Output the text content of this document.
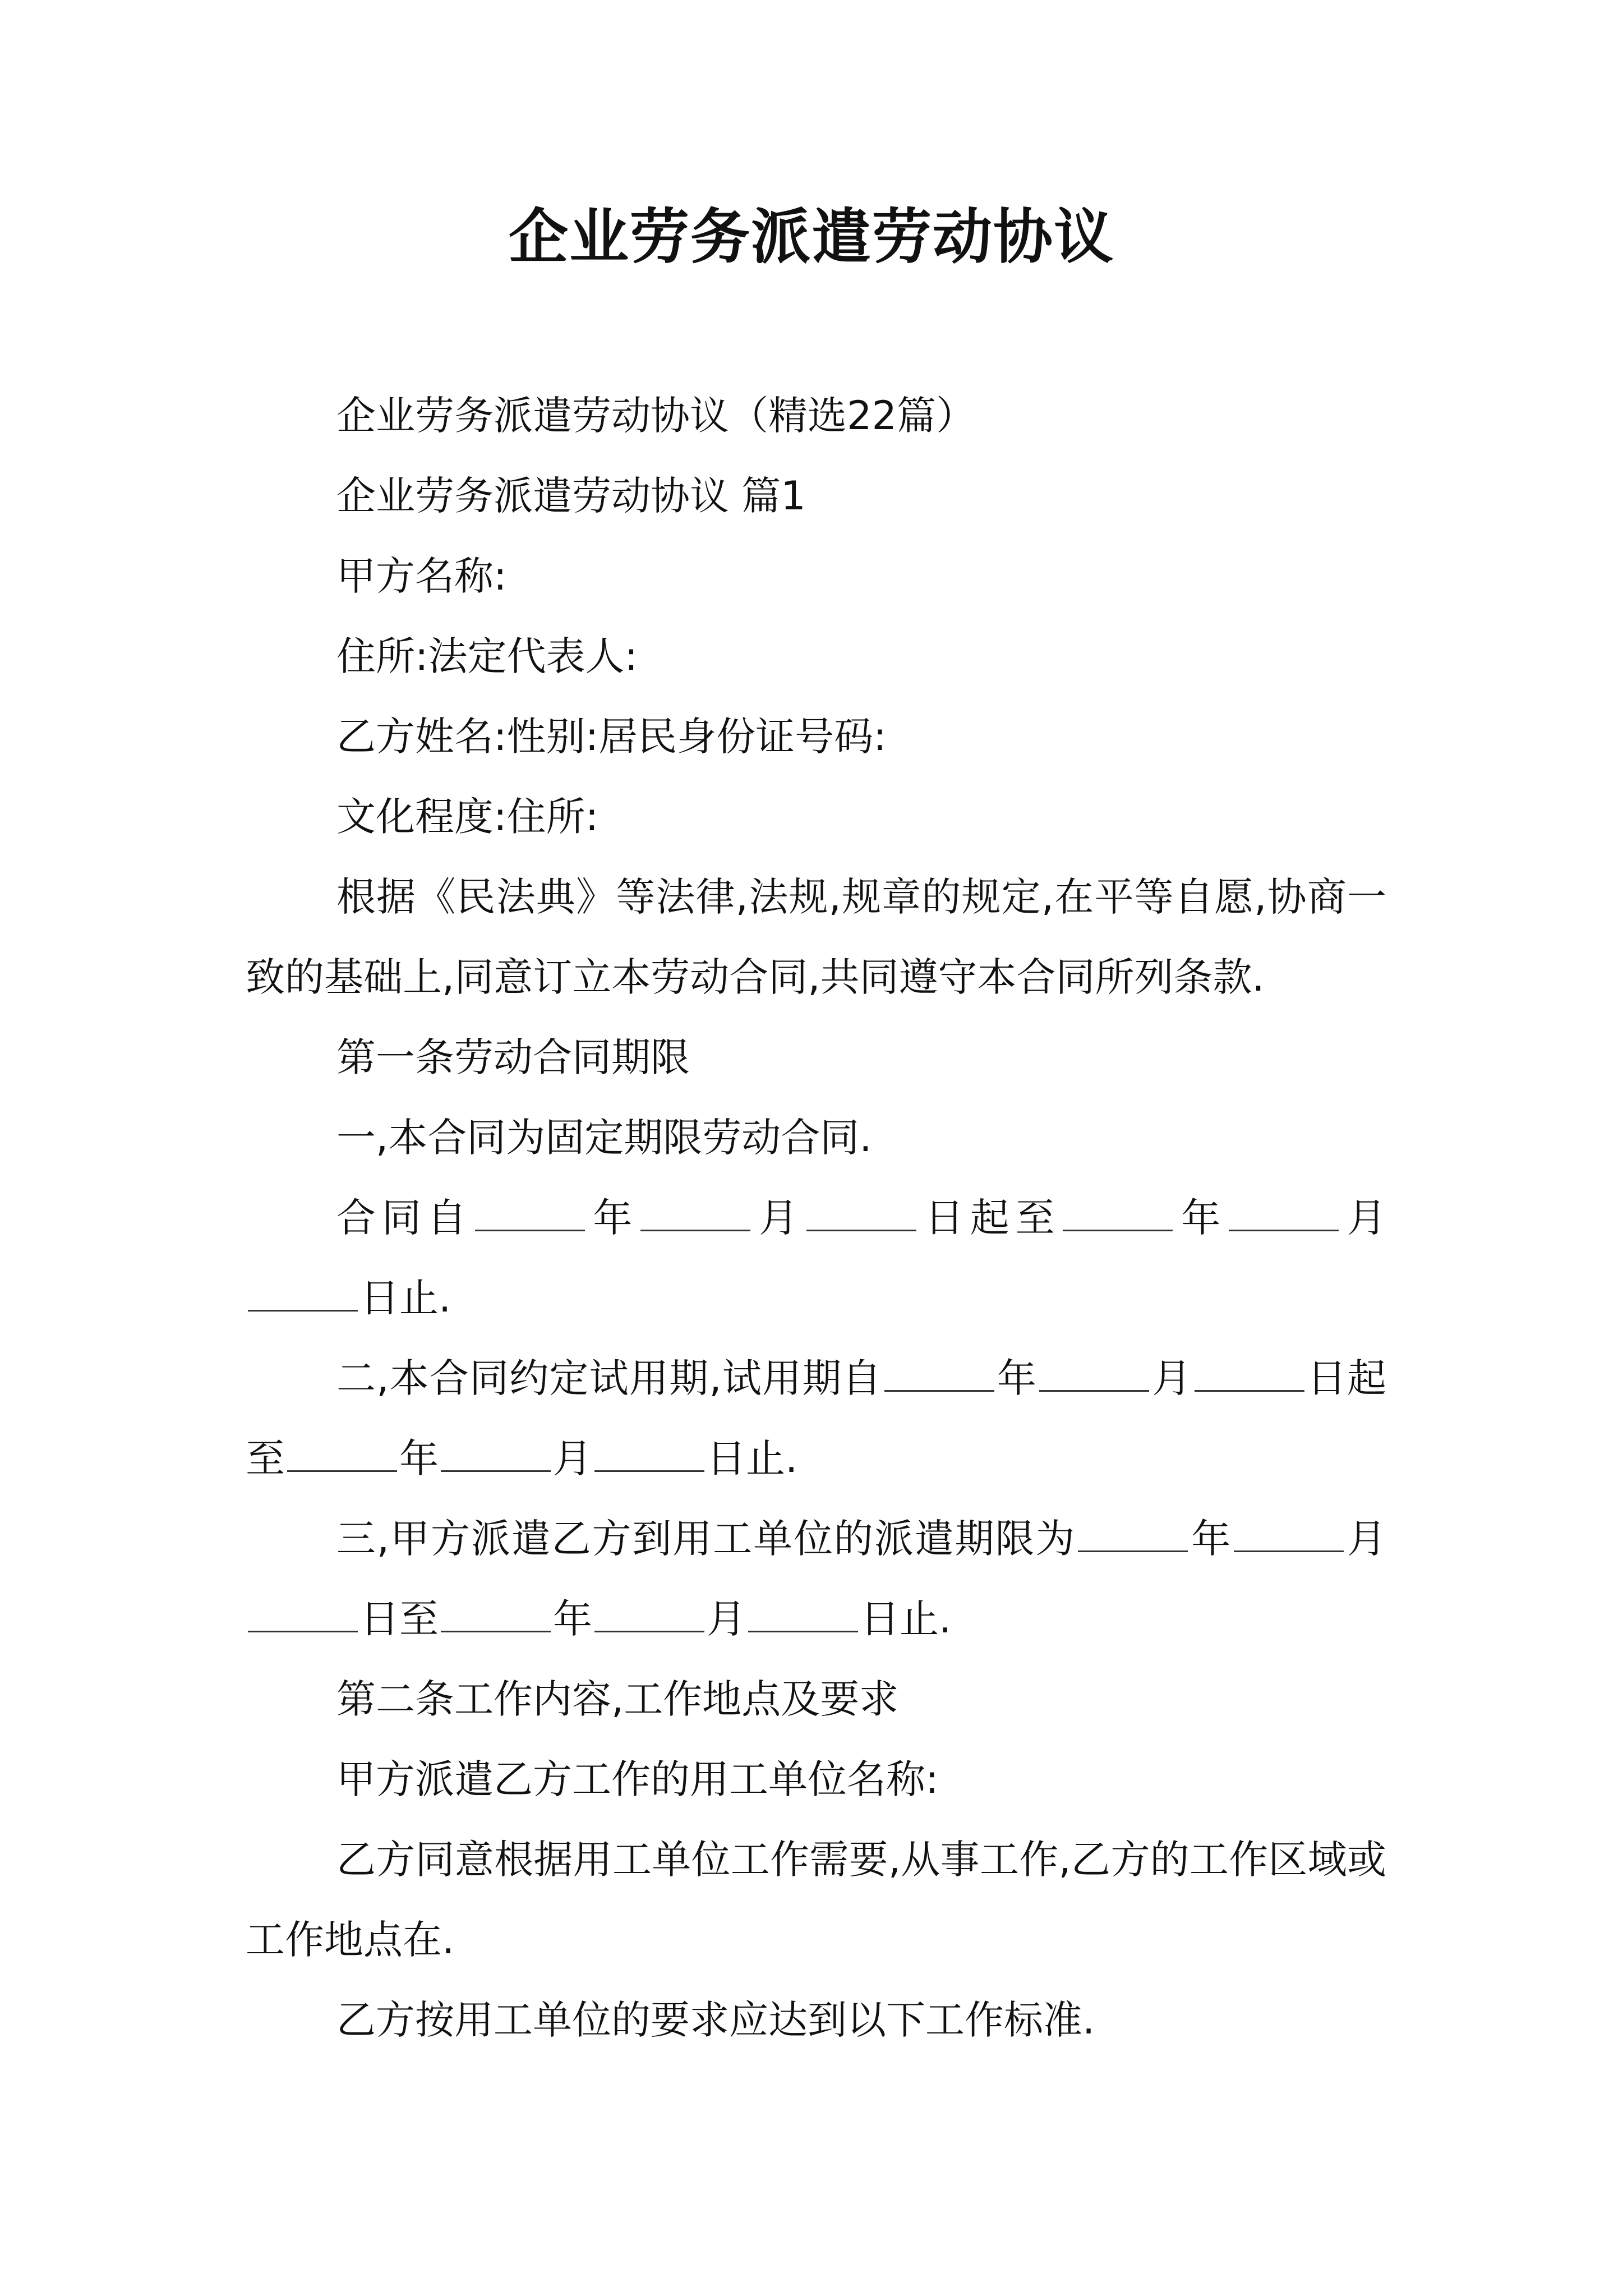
企业劳务派遣劳动协议

企业劳务派遣劳动协议（精选22篇）

企业劳务派遣劳动协议 篇1

甲方名称:

住所:法定代表人:

乙方姓名:性别:居民身份证号码:

文化程度:住所:

根据《民法典》等法律,法规,规章的规定,在平等自愿,协商一致的基础上,同意订立本劳动合同,共同遵守本合同所列条款.

第一条劳动合同期限

一,本合同为固定期限劳动合同.

合同自	年	月	日起至	年	月日止.

二,本合同约定试用期,试用期自	年	月	日起至	年	月	日止.

三,甲方派遣乙方到用工单位的派遣期限为	年	月日至	年	月	日止.

第二条工作内容,工作地点及要求

甲方派遣乙方工作的用工单位名称:

乙方同意根据用工单位工作需要,从事工作,乙方的工作区域或工作地点在.

乙方按用工单位的要求应达到以下工作标准.
